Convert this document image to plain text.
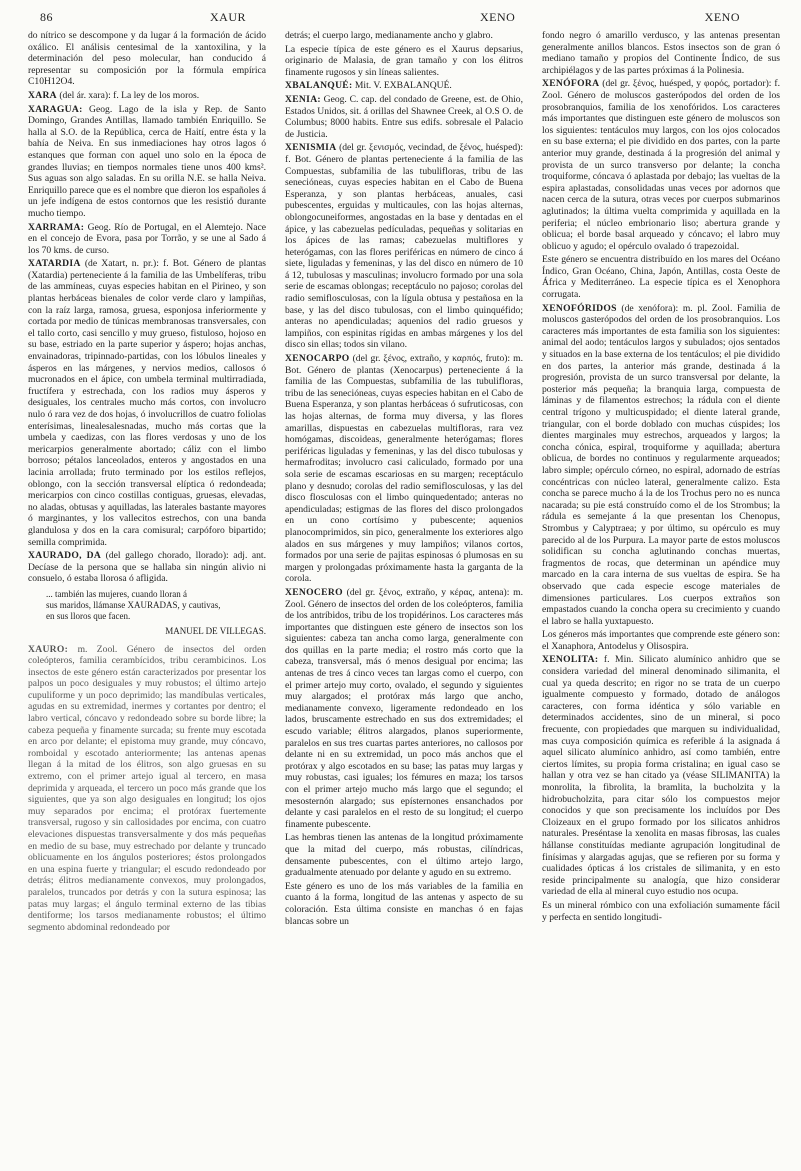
86	XAUR	XENO	XENO

do nítrico se descompone y da lugar á la formación de ácido oxálico. El análisis centesimal de la xantoxilina, y la determinación del peso molecular, han conducido á representar su composición por la fórmula empírica C10H12O4.

XARA (del ár. xara): f. La ley de los moros.

XARAGUA: Geog. Lago de la isla y Rep. de Santo Domingo, Grandes Antillas, llamado también Enriquillo. Se halla al S.O. de la República, cerca de Haití, entre ésta y la bahía de Neiva. En sus inmediaciones hay otros lagos ó estanques que forman con aquel uno solo en la época de grandes lluvias; en tiempos normales tiene unos 400 kms². Sus aguas son algo saladas. En su orilla N.E. se halla Neiva. Enriquillo parece que es el nombre que dieron los españoles á un jefe indígena de estos contornos que les resistió durante mucho tiempo.

XARRAMA: Geog. Río de Portugal, en el Alemtejo. Nace en el concejo de Evora, pasa por Torrão, y se une al Sado á los 70 kms. de curso.

XATARDIA (de Xatart, n. pr.): f. Bot. Género de plantas (Xatardia) perteneciente á la familia de las Umbelíferas, tribu de las ammíneas, cuyas especies habitan en el Pirineo, y son plantas herbáceas bienales de color verde claro y lampiñas, con la raíz larga, ramosa, gruesa, esponjosa inferiormente y cortada por medio de túnicas membranosas transversales, con el tallo corto, casi sencillo y muy grueso, fistuloso, hojoso en su base, estriado en la parte superior y áspero; hojas anchas, envainadoras, tripinnado-partidas, con los lóbulos lineales y ásperos en las márgenes, y nervios medios, callosos ó mucronados en el ápice, con umbela terminal multirradiada, fructífera y estrechada, con los radios muy ásperos y desiguales, los centrales mucho más cortos, con involucro nulo ó rara vez de dos hojas, ó involucrillos de cuatro foliolas enterísimas, linealesalesnadas, mucho más cortas que la umbela y caedizas, con las flores verdosas y uno de los mericarpios generalmente abortado; cáliz con el limbo borroso; pétalos lanceolados, enteros y angostados en una lacinia arrollada; fruto terminado por los estilos reflejos, oblongo, con la sección transversal elíptica ó redondeada; mericarpios con cinco costillas contiguas, gruesas, elevadas, no aladas, obtusas y aquilladas, las laterales bastante mayores ó marginantes, y los vallecitos estrechos, con una banda glandulosa y dos en la cara comisural; carpóforo bipartido; semilla comprimida.

XAURADO, DA (del gallego chorado, llorado): adj. ant. Decíase de la persona que se hallaba sin ningún alivio ni consuelo, ó estaba llorosa ó afligida.

... también las mujeres, cuando lloran á
sus maridos, llámanse XAURADAS, y cautivas,
en sus lloros que facen.
MANUEL DE VILLEGAS.

XAURO: m. Zool. Género de insectos del orden coleópteros, familia cerambícidos, tribu cerambicinos. Los insectos de este género están caracterizados por presentar los palpos un poco desiguales y muy robustos; el último artejo cupuliforme y un poco deprimido; las mandíbulas verticales, agudas en su extremidad, inermes y cortantes por dentro; el labro vertical, cóncavo y redondeado sobre su borde libre; la cabeza pequeña y finamente surcada; su frente muy escotada en arco por delante; el epistoma muy grande, muy cóncavo, romboidal y escotado anteriormente; las antenas apenas llegan á la mitad de los élitros, son algo gruesas en su extremo, con el primer artejo igual al tercero, en masa deprimida y arqueada, el tercero un poco más grande que los siguientes, que ya son algo desiguales en longitud; los ojos muy separados por encima; el protórax fuertemente transversal, rugoso y sin callosidades por encima, con cuatro elevaciones dispuestas transversalmente y dos más pequeñas en medio de su base, muy estrechado por delante y truncado oblicuamente en los ángulos posteriores; éstos prolongados en una espina fuerte y triangular; el escudo redondeado por detrás; élitros medianamente convexos, muy prolongados, paralelos, truncados por detrás y con la sutura espinosa; las patas muy largas; el ángulo terminal externo de las tibias dentiforme; los tarsos medianamente robustos; el último segmento abdominal redondeado por

detrás; el cuerpo largo, medianamente ancho y glabro.

La especie típica de este género es el Xaurus depsarius, originario de Malasia, de gran tamaño y con los élitros finamente rugosos y sin líneas salientes.

XBALANQUÉ: Mit. V. EXBALANQUÉ.

XENIA: Geog. C. cap. del condado de Greene, est. de Ohio, Estados Unidos, sit. á orillas del Shawnee Creek, al O.S O. de Columbus; 8000 habits. Entre sus edifs. sobresale el Palacio de Justicia.

XENISMIA (del gr. ξενισμός, vecindad, de ξένος, huésped): f. Bot. Género de plantas perteneciente á la familia de las Compuestas, subfamilia de las tubulifloras, tribu de las senecióneas, cuyas especies habitan en el Cabo de Buena Esperanza, y son plantas herbáceas, anuales, casi pubescentes, erguidas y multicaules, con las hojas alternas, oblongocuneiformes, angostadas en la base y dentadas en el ápice, y las cabezuelas pedículadas, pequeñas y solitarias en los ápices de las ramas; cabezuelas multiflores y heterógamas, con las flores periféricas en número de cinco á siete, liguladas y femeninas, y las del disco en número de 10 á 12, tubulosas y masculinas; involucro formado por una sola serie de escamas oblongas; receptáculo no pajoso; corolas del radio semiflosculosas, con la lígula obtusa y pestañosa en la base, y las del disco tubulosas, con el limbo quinquéfido; anteras no apendiculadas; aquenios del radio gruesos y lampiños, con espinitas rígidas en ambas márgenes y los del disco sin ellas; todos sin vilano.

XENOCARPO (del gr. ξένος, extraño, y καρπός, fruto): m. Bot. Género de plantas (Xenocarpus) perteneciente á la familia de las Compuestas, subfamilia de las tubulifloras, tribu de las senecióneas, cuyas especies habitan en el Cabo de Buena Esperanza, y son plantas herbáceas ó sufruticosas, con las hojas alternas, de forma muy diversa, y las flores amarillas, dispuestas en cabezuelas multifloras, rara vez homógamas, discoideas, generalmente heterógamas; flores periféricas liguladas y femeninas, y las del disco tubulosas y hermafroditas; involucro casi caliculado, formado por una sola serie de escamas escariosas en su margen; receptáculo plano y desnudo; corolas del radio semiflosculosas, y las del disco flosculosas con el limbo quinquedentado; anteras no apendiculadas; estigmas de las flores del disco prolongados en un cono cortísimo y pubescente; aquenios planocomprimidos, sin pico, generalmente los exteriores algo alados en sus márgenes y muy lampiños; vilanos cortos, formados por una serie de pajitas espinosas ó plumosas en su margen y prolongadas próximamente hasta la garganta de la corola.

XENOCERO (del gr. ξένος, extraño, y κέρας, antena): m. Zool. Género de insectos del orden de los coleópteros, familia de los antríbidos, tribu de los tropidérinos. Los caracteres más importantes que distinguen este género de insectos son los siguientes: cabeza tan ancha como larga, generalmente con dos quillas en la parte media; el rostro más corto que la cabeza, transversal, más ó menos desigual por encima; las antenas de tres á cinco veces tan largas como el cuerpo, con el primer artejo muy corto, ovalado, el segundo y siguientes muy alargados; el protórax más largo que ancho, medianamente convexo, ligeramente redondeado en los lados, bruscamente estrechado en sus dos extremidades; el escudo variable; élitros alargados, planos superiormente, paralelos en sus tres cuartas partes anteriores, no callosos por delante ni en su extremidad, un poco más anchos que el protórax y algo escotados en su base; las patas muy largas y muy robustas, casi iguales; los fémures en maza; los tarsos con el primer artejo mucho más largo que el segundo; el mesosternón alargado; sus epísternones ensanchados por delante y casi paralelos en el resto de su longitud; el cuerpo finamente pubescente.

Las hembras tienen las antenas de la longitud próximamente que la mitad del cuerpo, más robustas, cilíndricas, densamente pubescentes, con el último artejo largo, gradualmente atenuado por delante y agudo en su extremo.

Este género es uno de los más variables de la familia en cuanto á la forma, longitud de las antenas y aspecto de su coloración. Esta última consiste en manchas ó en fajas blancas sobre un

fondo negro ó amarillo verdusco, y las antenas presentan generalmente anillos blancos. Estos insectos son de gran ó mediano tamaño y propios del Continente Índico, de sus archipiélagos y de las partes próximas á la Polinesia.

XENÓFORA (del gr. ξένος, huésped, y φορός, portador): f. Zool. Género de moluscos gasterópodos del orden de los prosobranquios, familia de los xenofóridos. Los caracteres más importantes que distinguen este género de moluscos son los siguientes: tentáculos muy largos, con los ojos colocados en su base externa; el pie dividido en dos partes, con la parte anterior muy grande, destinada á la progresión del animal y provista de un surco transverso por delante; la concha troquiforme, cóncava ó aplastada por debajo; las vueltas de la espira aplastadas, consolidadas unas veces por adornos que nacen cerca de la sutura, otras veces por cuerpos submarinos aglutinados; la última vuelta comprimida y aquillada en la periferia; el núcleo embrionario liso; abertura grande y oblicua; el borde basal arqueado y cóncavo; el labro muy oblicuo y agudo; el opérculo ovalado ó trapezoidal.

Este género se encuentra distribuído en los mares del Océano Índico, Gran Océano, China, Japón, Antillas, costa Oeste de África y Mediterráneo. La especie típica es el Xenophora corrugata.

XENOFÓRIDOS (de xenófora): m. pl. Zool. Familia de moluscos gasterópodos del orden de los prosobranquios. Los caracteres más importantes de esta familia son los siguientes: animal del aodo; tentáculos largos y subulados; ojos sentados y situados en la base externa de los tentáculos; el pie dividido en dos partes, la anterior más grande, destinada á la progresión, provista de un surco transversal por delante, la posterior más pequeña; la branquia larga, compuesta de láminas y de filamentos estrechos; la rádula con el diente central trígono y multicuspidado; el diente lateral grande, triangular, con el borde doblado con muchas cúspides; los dientes marginales muy estrechos, arqueados y largos; la concha cónica, espiral, troquiforme y aquillada; abertura oblicua, de bordes no continuos y regularmente arqueados; labro simple; opérculo córneo, no espiral, adornado de estrías concéntricas con núcleo lateral, generalmente calizo. Esta concha se parece mucho á la de los Trochus pero no es nunca nacarada; su pie está construído como el de los Strombus; la rádula es semejante á la que presentan los Chenopus, Strombus y Calyptraea; y por último, su opérculo es muy parecido al de los Purpura. La mayor parte de estos moluscos solidifican su concha aglutinando conchas muertas, fragmentos de rocas, que determinan un apéndice muy marcado en la cara interna de sus vueltas de espira. Se ha observado que cada especie escoge materiales de dimensiones particulares. Los cuerpos extraños son empastados cuando la concha opera su crecimiento y cuando el labro se halla yuxtapuesto.

Los géneros más importantes que comprende este género son: el Xanaphora, Antodelus y Olisospira.

XENOLITA: f. Min. Silicato alumínico anhidro que se considera variedad del mineral denominado silimanita, el cual ya queda descrito; en rigor no se trata de un cuerpo igualmente compuesto y formado, dotado de análogos caracteres, con forma idéntica y sólo variable en determinados accidentes, sino de un mineral, si poco frecuente, con propiedades que marquen su individualidad, mas cuya composición química es referible á la asignada á aquel silicato alumínico anhidro, así como también, entre ciertos límites, su propia forma cristalina; en igual caso se hallan y otra vez se han citado ya (véase SILIMANITA) la monrolita, la fibrolita, la bramlita, la bucholzita y la hidrobucholzita, para citar sólo los compuestos mejor conocidos y que son precisamente los incluídos por Des Cloizeaux en el grupo formado por los silicatos anhidros naturales. Preséntase la xenolita en masas fibrosas, las cuales hállanse constituídas mediante agrupación longitudinal de finísimas y alargadas agujas, que se refieren por su forma y cualidades ópticas á los cristales de silimanita, y en esto reside principalmente su analogía, que hizo considerar variedad de ella al mineral cuyo estudio nos ocupa.

Es un mineral rómbico con una exfoliación sumamente fácil y perfecta en sentido longitudi-
